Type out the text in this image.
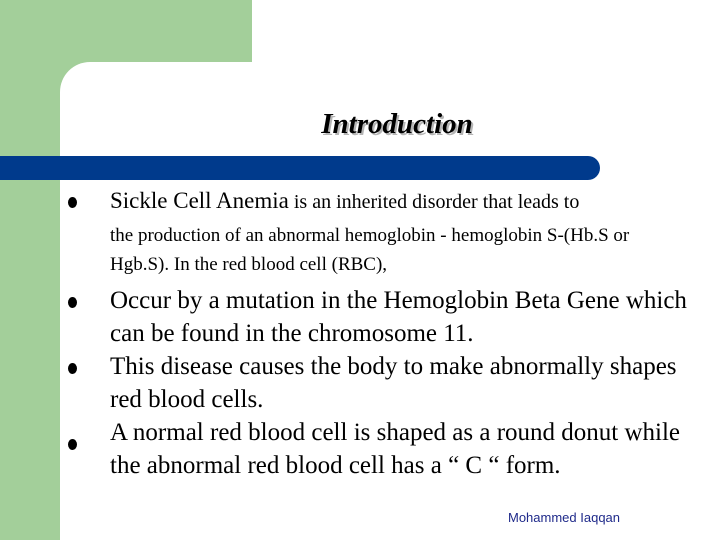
Introduction
Sickle Cell Anemia is an inherited disorder that leads to
the production of an abnormal hemoglobin - hemoglobin S-(Hb.S or Hgb.S). In the red blood cell (RBC),
Occur by a mutation in the Hemoglobin Beta Gene which can be found in the chromosome 11.
This disease causes the body to make abnormally shapes red blood cells.
A normal red blood cell is shaped as a round donut while the abnormal red blood cell has a “ C “ form.
Mohammed Iaqqan
